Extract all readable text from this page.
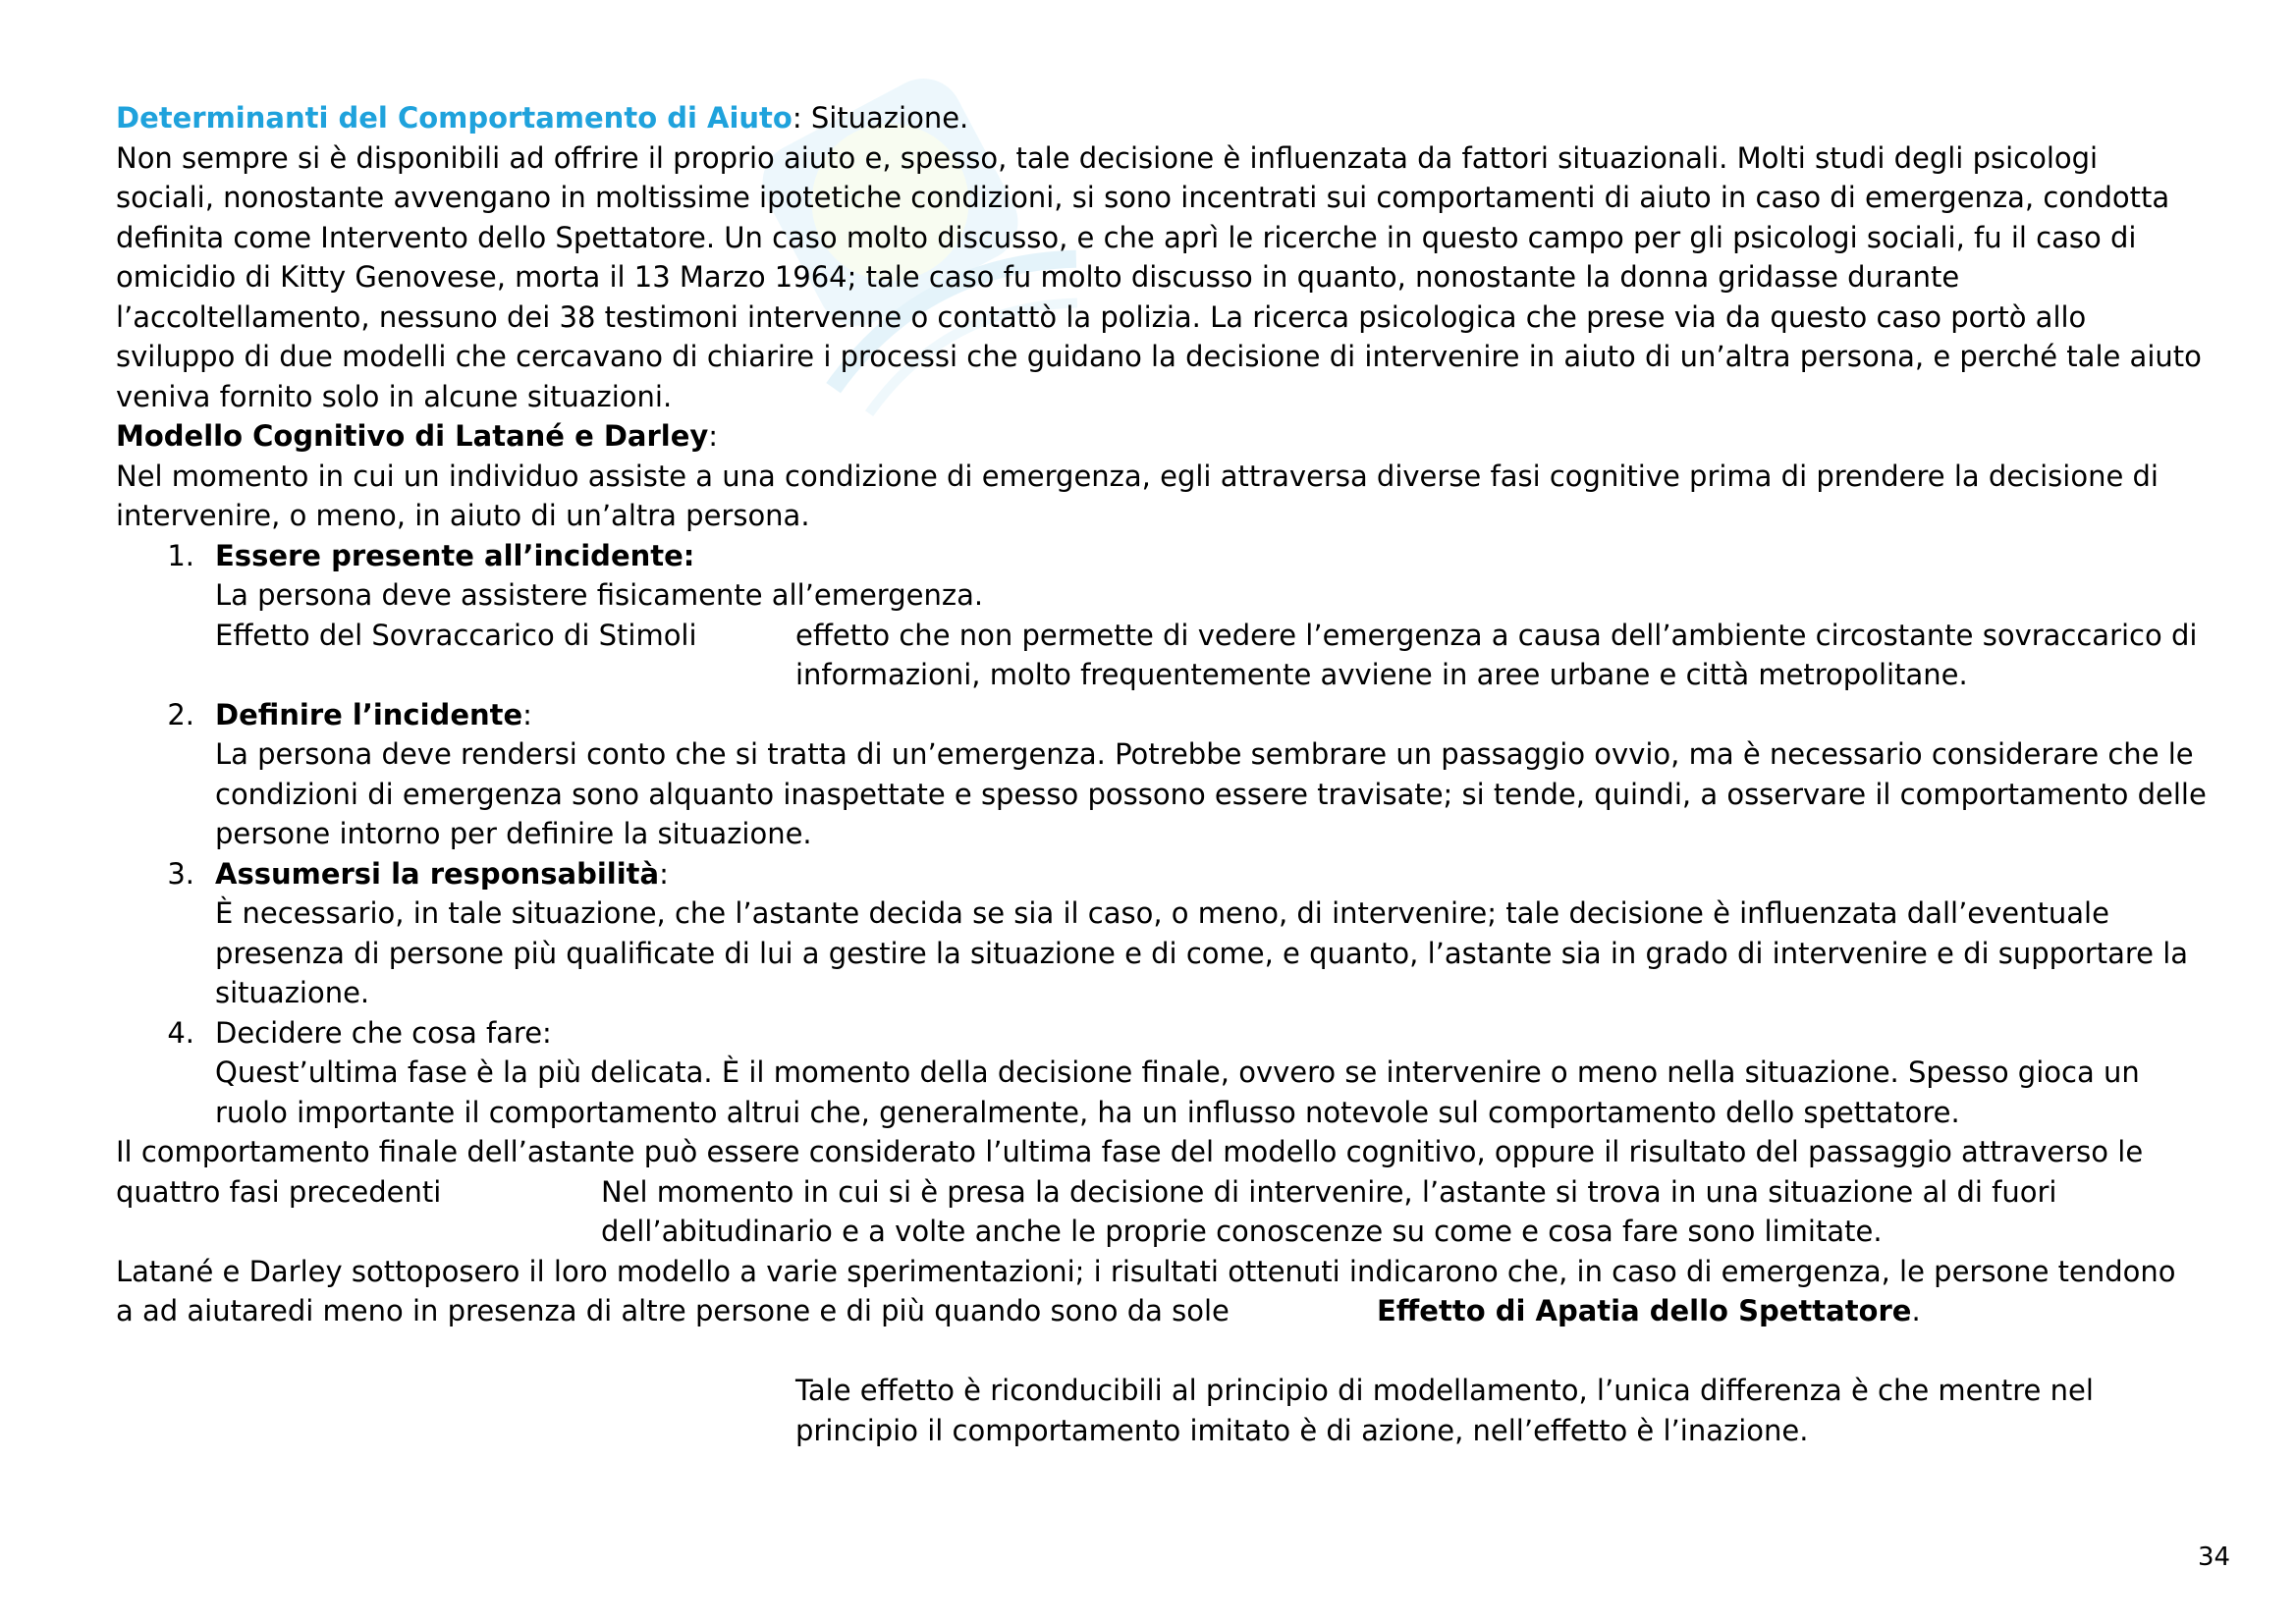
Determinanti del Comportamento di Aiuto: Situazione.
Non sempre si è disponibili ad offrire il proprio aiuto e, spesso, tale decisione è influenzata da fattori situazionali. Molti studi degli psicologi
sociali, nonostante avvengano in moltissime ipotetiche condizioni, si sono incentrati sui comportamenti di aiuto in caso di emergenza, condotta
definita come Intervento dello Spettatore. Un caso molto discusso, e che aprì le ricerche in questo campo per gli psicologi sociali, fu il caso di
omicidio di Kitty Genovese, morta il 13 Marzo 1964; tale caso fu molto discusso in quanto, nonostante la donna gridasse durante
l’accoltellamento, nessuno dei 38 testimoni intervenne o contattò la polizia. La ricerca psicologica che prese via da questo caso portò allo
sviluppo di due modelli che cercavano di chiarire i processi che guidano la decisione di intervenire in aiuto di un’altra persona, e perché tale aiuto
veniva fornito solo in alcune situazioni.
Modello Cognitivo di Latané e Darley:
Nel momento in cui un individuo assiste a una condizione di emergenza, egli attraversa diverse fasi cognitive prima di prendere la decisione di
intervenire, o meno, in aiuto di un’altra persona.
1. Essere presente all’incidente:
La persona deve assistere fisicamente all’emergenza.
Effetto del Sovraccarico di Stimoli	effetto che non permette di vedere l’emergenza a causa dell’ambiente circostante sovraccarico di
informazioni, molto frequentemente avviene in aree urbane e città metropolitane.
2. Definire l’incidente:
La persona deve rendersi conto che si tratta di un’emergenza. Potrebbe sembrare un passaggio ovvio, ma è necessario considerare che le
condizioni di emergenza sono alquanto inaspettate e spesso possono essere travisate; si tende, quindi, a osservare il comportamento delle
persone intorno per definire la situazione.
3. Assumersi la responsabilità:
È necessario, in tale situazione, che l’astante decida se sia il caso, o meno, di intervenire; tale decisione è influenzata dall’eventuale
presenza di persone più qualificate di lui a gestire la situazione e di come, e quanto, l’astante sia in grado di intervenire e di supportare la
situazione.
4. Decidere che cosa fare:
Quest’ultima fase è la più delicata. È il momento della decisione finale, ovvero se intervenire o meno nella situazione. Spesso gioca un
ruolo importante il comportamento altrui che, generalmente, ha un influsso notevole sul comportamento dello spettatore.
Il comportamento finale dell’astante può essere considerato l’ultima fase del modello cognitivo, oppure il risultato del passaggio attraverso le
quattro fasi precedenti	Nel momento in cui si è presa la decisione di intervenire, l’astante si trova in una situazione al di fuori
dell’abitudinario e a volte anche le proprie conoscenze su come e cosa fare sono limitate.
Latané e Darley sottoposero il loro modello a varie sperimentazioni; i risultati ottenuti indicarono che, in caso di emergenza, le persone tendono
a ad aiutaredi meno in presenza di altre persone e di più quando sono da sole	Effetto di Apatia dello Spettatore.
Tale effetto è riconducibili al principio di modellamento, l’unica differenza è che mentre nel
principio il comportamento imitato è di azione, nell’effetto è l’inazione.
34
